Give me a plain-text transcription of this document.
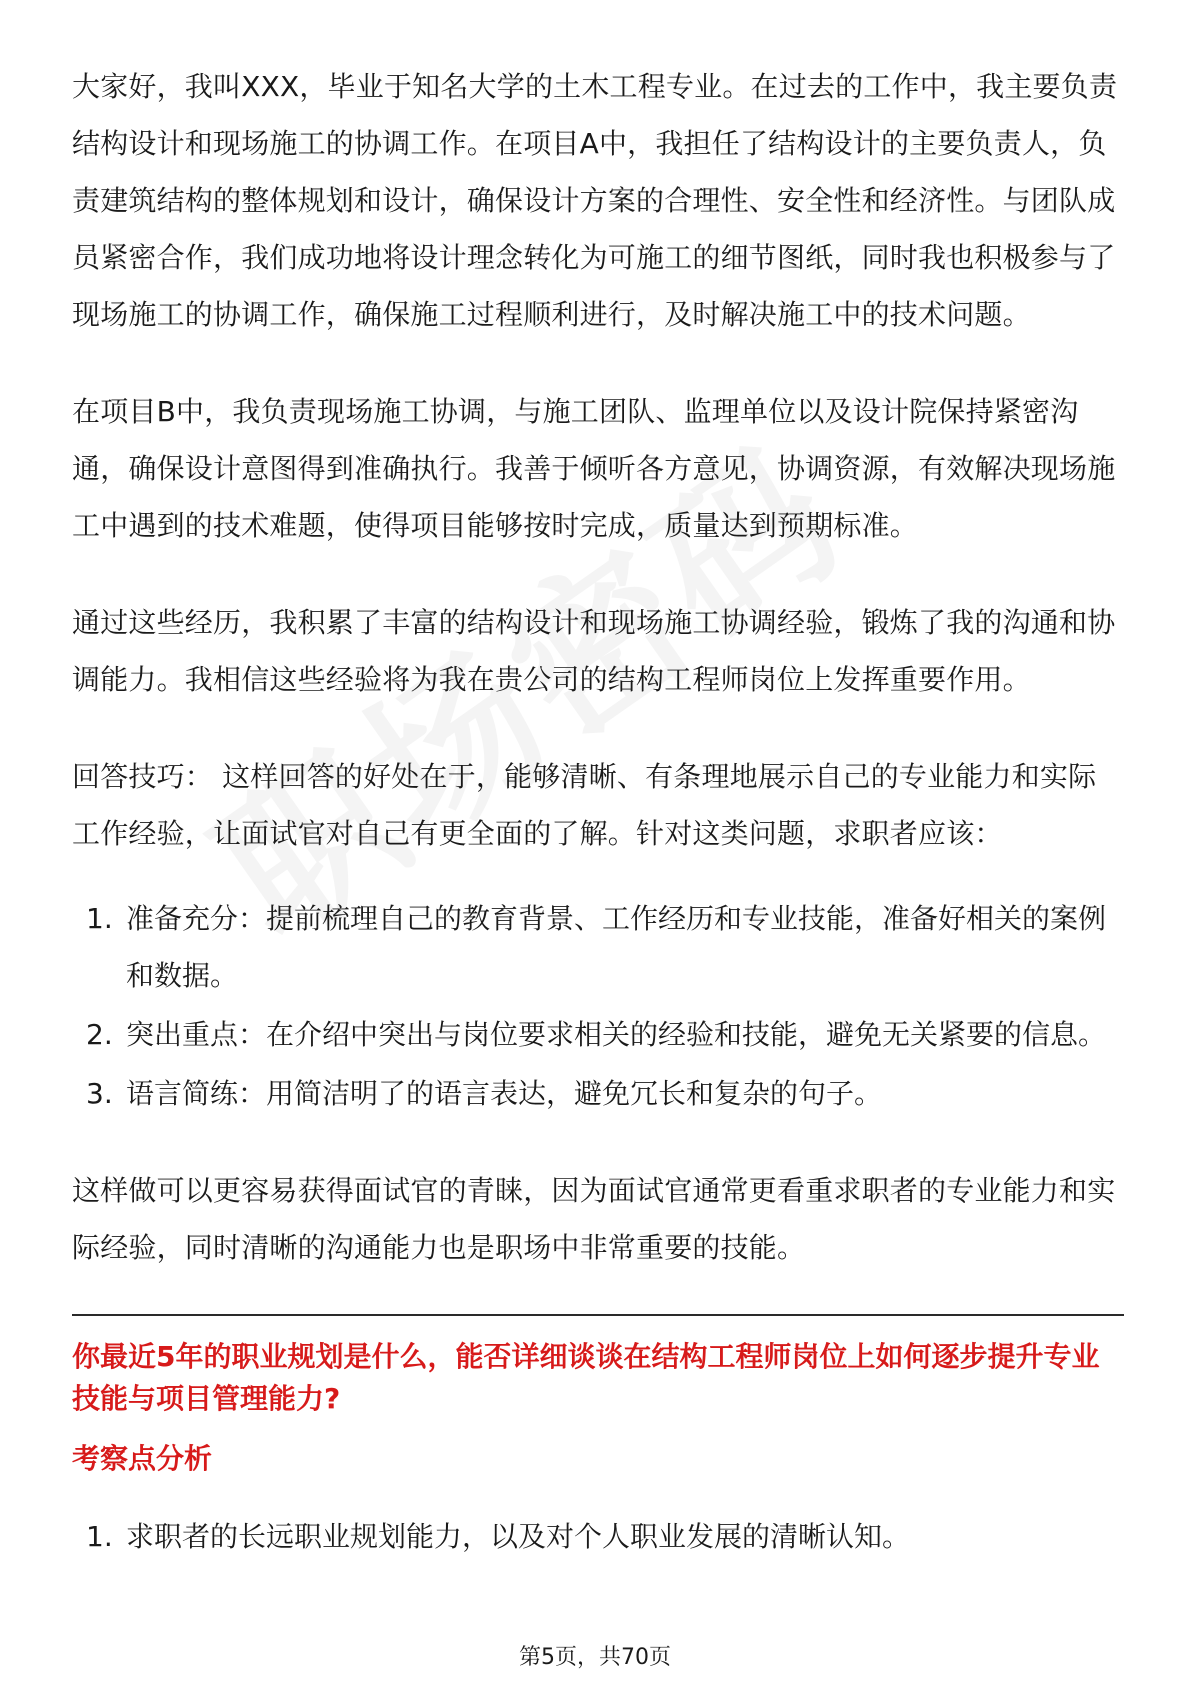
大家好，我叫XXX，毕业于知名大学的土木工程专业。在过去的工作中，我主要负责结构设计和现场施工的协调工作。在项目A中，我担任了结构设计的主要负责人，负责建筑结构的整体规划和设计，确保设计方案的合理性、安全性和经济性。与团队成员紧密合作，我们成功地将设计理念转化为可施工的细节图纸，同时我也积极参与了现场施工的协调工作，确保施工过程顺利进行，及时解决施工中的技术问题。

在项目B中，我负责现场施工协调，与施工团队、监理单位以及设计院保持紧密沟通，确保设计意图得到准确执行。我善于倾听各方意见，协调资源，有效解决现场施工中遇到的技术难题，使得项目能够按时完成，质量达到预期标准。

通过这些经历，我积累了丰富的结构设计和现场施工协调经验，锻炼了我的沟通和协调能力。我相信这些经验将为我在贵公司的结构工程师岗位上发挥重要作用。

回答技巧： 这样回答的好处在于，能够清晰、有条理地展示自己的专业能力和实际工作经验，让面试官对自己有更全面的了解。针对这类问题，求职者应该：

1. 准备充分：提前梳理自己的教育背景、工作经历和专业技能，准备好相关的案例和数据。
2. 突出重点：在介绍中突出与岗位要求相关的经验和技能，避免无关紧要的信息。
3. 语言简练：用简洁明了的语言表达，避免冗长和复杂的句子。

这样做可以更容易获得面试官的青睐，因为面试官通常更看重求职者的专业能力和实际经验，同时清晰的沟通能力也是职场中非常重要的技能。

你最近5年的职业规划是什么，能否详细谈谈在结构工程师岗位上如何逐步提升专业技能与项目管理能力?

考察点分析

1. 求职者的长远职业规划能力，以及对个人职业发展的清晰认知。
第5页，共70页
